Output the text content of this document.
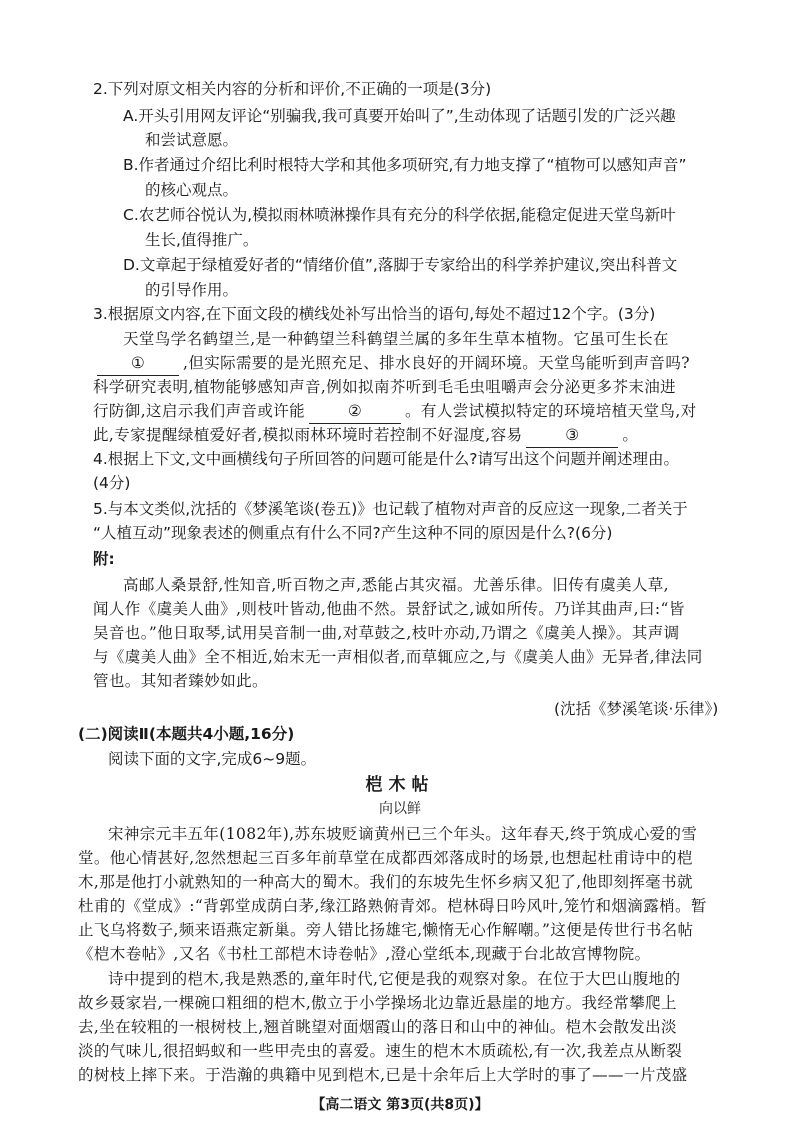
2.下列对原文相关内容的分析和评价,不正确的一项是(3分)
A.开头引用网友评论“别骗我,我可真要开始叫了”,生动体现了话题引发的广泛兴趣
和尝试意愿。
B.作者通过介绍比利时根特大学和其他多项研究,有力地支撑了“植物可以感知声音”
的核心观点。
C.农艺师谷悦认为,模拟雨林喷淋操作具有充分的科学依据,能稳定促进天堂鸟新叶
生长,值得推广。
D.文章起于绿植爱好者的“情绪价值”,落脚于专家给出的科学养护建议,突出科普文
的引导作用。
3.根据原文内容,在下面文段的横线处补写出恰当的语句,每处不超过12个字。(3分)
天堂鸟学名鹤望兰,是一种鹤望兰科鹤望兰属的多年生草本植物。它虽可生长在
① ,但实际需要的是光照充足、排水良好的开阔环境。天堂鸟能听到声音吗?
科学研究表明,植物能够感知声音,例如拟南芥听到毛毛虫咀嚼声会分泌更多芥末油进
行防御,这启示我们声音或许能	②	。有人尝试模拟特定的环境培植天堂鸟,对
此,专家提醒绿植爱好者,模拟雨林环境时若控制不好湿度,容易	③	。
4.根据上下文,文中画横线句子所回答的问题可能是什么?请写出这个问题并阐述理由。
(4分)
5.与本文类似,沈括的《梦溪笔谈(卷五)》也记载了植物对声音的反应这一现象,二者关于
“人植互动”现象表述的侧重点有什么不同?产生这种不同的原因是什么?(6分)
附:
高邮人桑景舒,性知音,听百物之声,悉能占其灾福。尤善乐律。旧传有虞美人草,
闻人作《虞美人曲》,则枝叶皆动,他曲不然。景舒试之,诚如所传。乃详其曲声,曰:“皆
吴音也。”他日取琴,试用吴音制一曲,对草鼓之,枝叶亦动,乃谓之《虞美人操》。其声调
与《虞美人曲》全不相近,始末无一声相似者,而草辄应之,与《虞美人曲》无异者,律法同
管也。其知者臻妙如此。
(沈括《梦溪笔谈·乐律》)
(二)阅读Ⅱ(本题共4小题,16分)
阅读下面的文字,完成6~9题。
桤木帖
向以鲜
宋神宗元丰五年(1082年),苏东坡贬谪黄州已三个年头。这年春天,终于筑成心爱的雪
堂。他心情甚好,忽然想起三百多年前草堂在成都西郊落成时的场景,也想起杜甫诗中的桤
木,那是他打小就熟知的一种高大的蜀木。我们的东坡先生怀乡病又犯了,他即刻挥毫书就
杜甫的《堂成》:“背郭堂成荫白茅,缘江路熟俯青郊。桤林碍日吟风叶,笼竹和烟滴露梢。暂
止飞乌将数子,频来语燕定新巢。旁人错比扬雄宅,懒惰无心作解嘲。”这便是传世行书名帖
《桤木卷帖》,又名《书杜工部桤木诗卷帖》,澄心堂纸本,现藏于台北故宫博物院。
诗中提到的桤木,我是熟悉的,童年时代,它便是我的观察对象。在位于大巴山腹地的
故乡聂家岩,一棵碗口粗细的桤木,傲立于小学操场北边靠近悬崖的地方。我经常攀爬上
去,坐在较粗的一根树枝上,翘首眺望对面烟霞山的落日和山中的神仙。桤木会散发出淡
淡的气味儿,很招蚂蚁和一些甲壳虫的喜爱。速生的桤木木质疏松,有一次,我差点从断裂
的树枝上摔下来。于浩瀚的典籍中见到桤木,已是十余年后上大学时的事了——一片茂盛
【高二语文 第3页(共8页)】
